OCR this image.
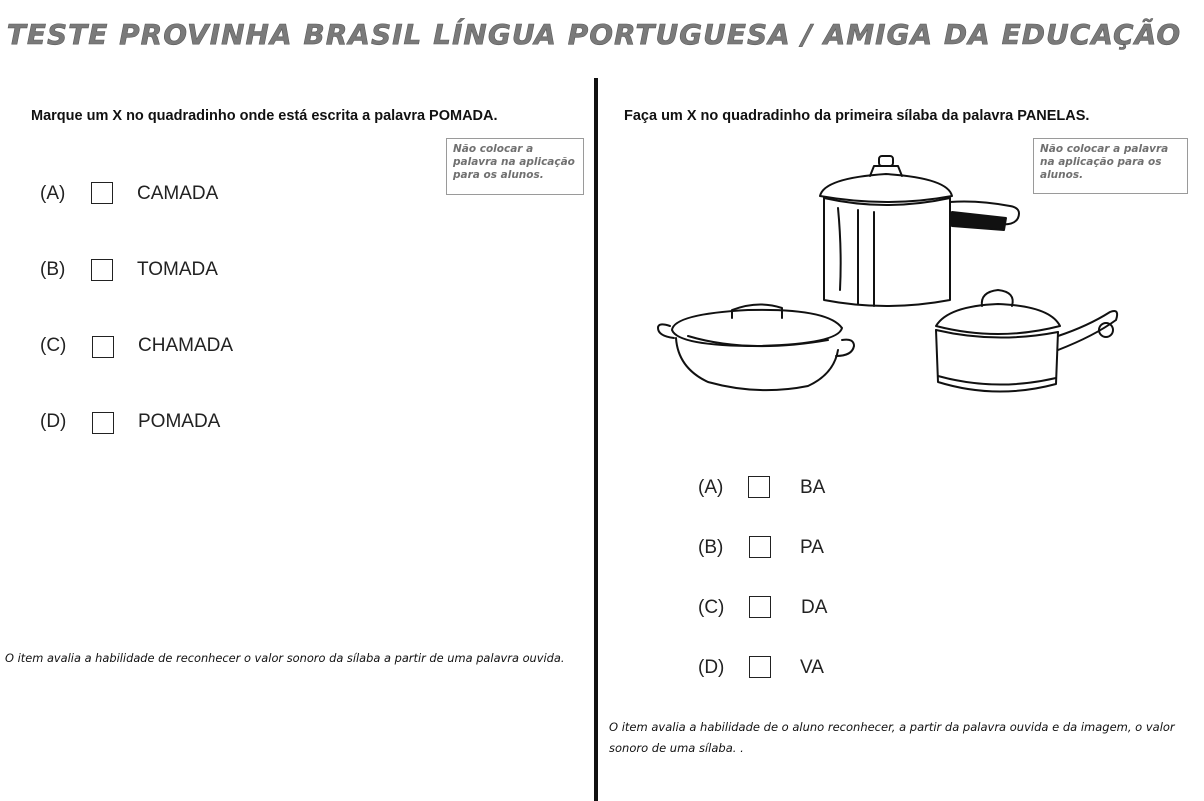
TESTE PROVINHA BRASIL LÍNGUA PORTUGUESA / AMIGA DA EDUCAÇÃO
Marque um X no quadradinho onde está escrita a palavra POMADA.
Não colocar a palavra na aplicação para os alunos.
(A)	CAMADA
(B)	TOMADA
(C)	CHAMADA
(D)	POMADA
O item avalia a habilidade de reconhecer o valor sonoro da sílaba a partir de uma palavra ouvida.
Faça um X no quadradinho da primeira sílaba da palavra PANELAS.
Não colocar a palavra na aplicação para os alunos.
(A)	BA
(B)	PA
(C)	DA
(D)	VA
O item avalia a habilidade de o aluno reconhecer, a partir da palavra ouvida e da imagem, o valor sonoro de uma sílaba. .
